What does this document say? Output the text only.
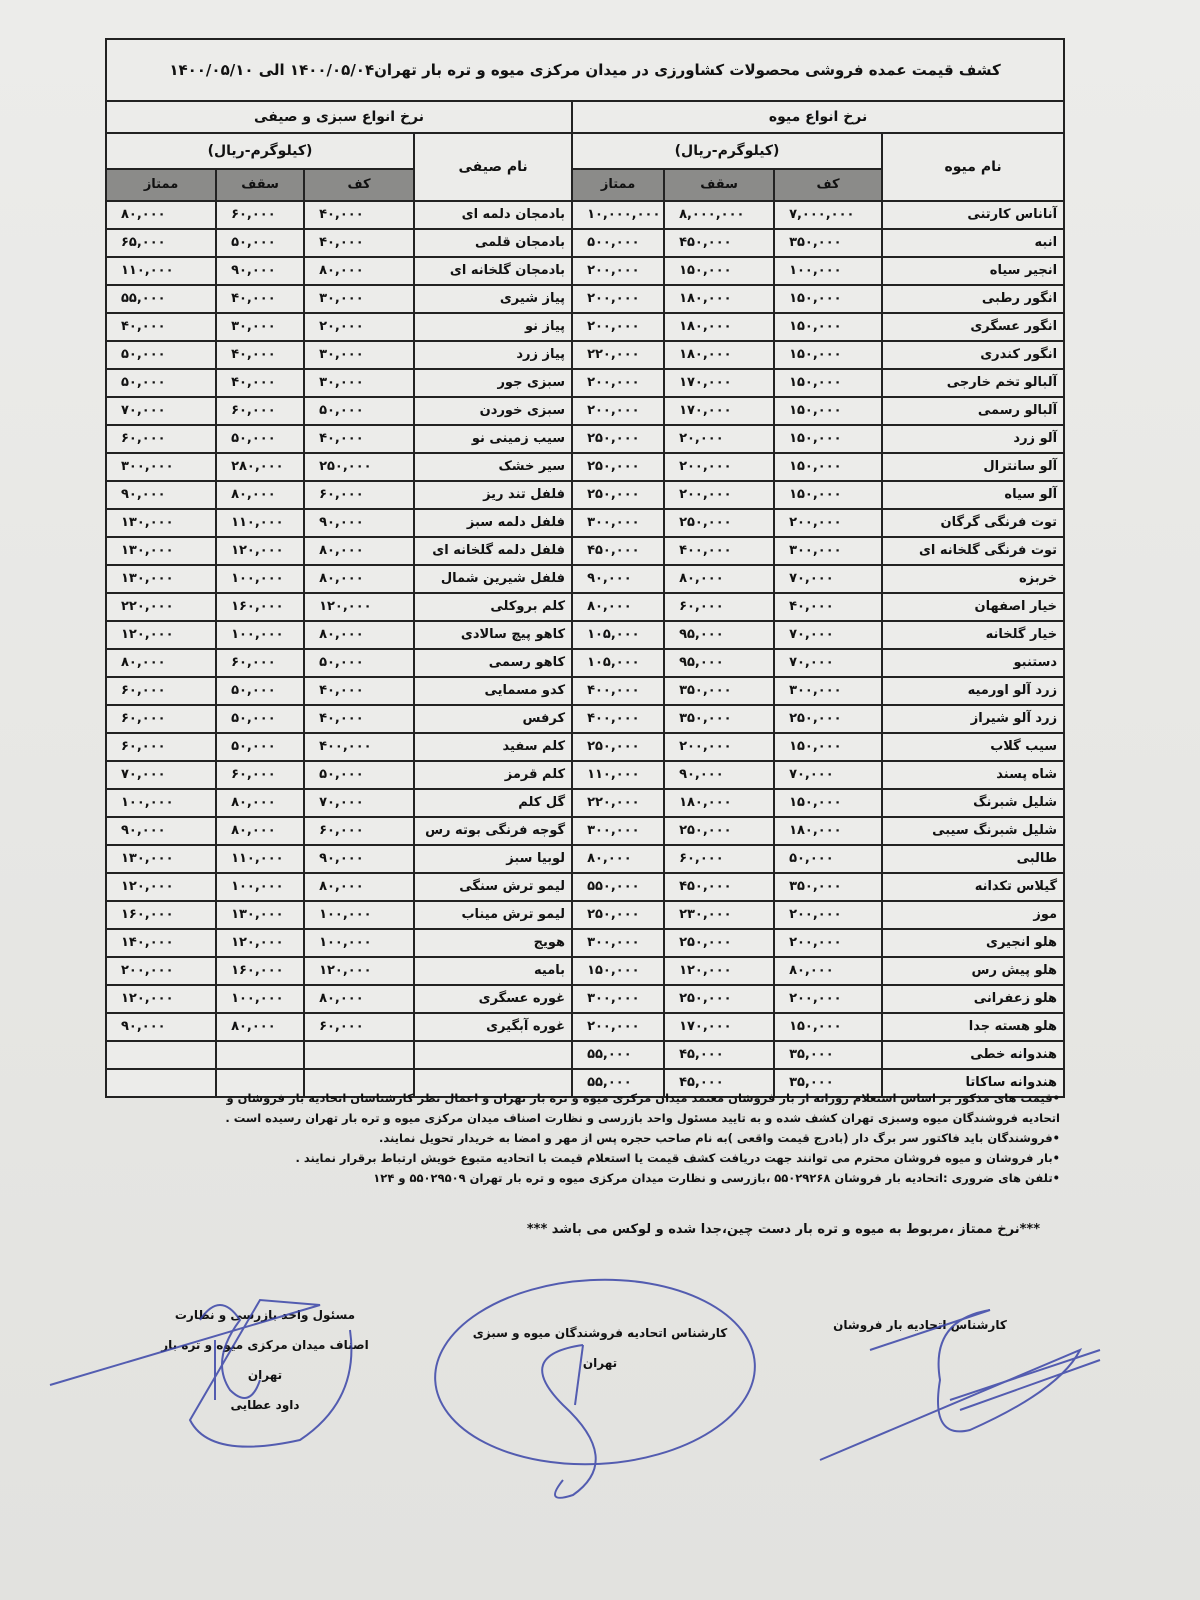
کشف قیمت عمده فروشی محصولات کشاورزی در میدان مرکزی میوه و تره بار تهران۱۴۰۰/۰۵/۰۴ الی ۱۴۰۰/۰۵/۱۰							
نرخ انواع میوه				نرخ انواع سبزی و صیفی			
نام میوه	(کیلوگرم-ریال)			نام صیفی	(کیلوگرم-ریال)		
	کف	سقف	ممتاز		کف	سقف	ممتاز
آناناس کارتنی	۷,۰۰۰,۰۰۰	۸,۰۰۰,۰۰۰	۱۰,۰۰۰,۰۰۰	بادمجان دلمه ای	۴۰,۰۰۰	۶۰,۰۰۰	۸۰,۰۰۰
انبه	۳۵۰,۰۰۰	۴۵۰,۰۰۰	۵۰۰,۰۰۰	بادمجان قلمی	۴۰,۰۰۰	۵۰,۰۰۰	۶۵,۰۰۰
انجیر سیاه	۱۰۰,۰۰۰	۱۵۰,۰۰۰	۲۰۰,۰۰۰	بادمجان گلخانه ای	۸۰,۰۰۰	۹۰,۰۰۰	۱۱۰,۰۰۰
انگور رطبی	۱۵۰,۰۰۰	۱۸۰,۰۰۰	۲۰۰,۰۰۰	پیاز شیری	۳۰,۰۰۰	۴۰,۰۰۰	۵۵,۰۰۰
انگور عسگری	۱۵۰,۰۰۰	۱۸۰,۰۰۰	۲۰۰,۰۰۰	پیاز نو	۲۰,۰۰۰	۳۰,۰۰۰	۴۰,۰۰۰
انگور کندری	۱۵۰,۰۰۰	۱۸۰,۰۰۰	۲۲۰,۰۰۰	پیاز زرد	۳۰,۰۰۰	۴۰,۰۰۰	۵۰,۰۰۰
آلبالو تخم خارجی	۱۵۰,۰۰۰	۱۷۰,۰۰۰	۲۰۰,۰۰۰	سبزی جور	۳۰,۰۰۰	۴۰,۰۰۰	۵۰,۰۰۰
آلبالو رسمی	۱۵۰,۰۰۰	۱۷۰,۰۰۰	۲۰۰,۰۰۰	سبزی خوردن	۵۰,۰۰۰	۶۰,۰۰۰	۷۰,۰۰۰
آلو زرد	۱۵۰,۰۰۰	۲۰,۰۰۰	۲۵۰,۰۰۰	سیب زمینی نو	۴۰,۰۰۰	۵۰,۰۰۰	۶۰,۰۰۰
آلو سانترال	۱۵۰,۰۰۰	۲۰۰,۰۰۰	۲۵۰,۰۰۰	سیر خشک	۲۵۰,۰۰۰	۲۸۰,۰۰۰	۳۰۰,۰۰۰
آلو سیاه	۱۵۰,۰۰۰	۲۰۰,۰۰۰	۲۵۰,۰۰۰	فلفل تند ریز	۶۰,۰۰۰	۸۰,۰۰۰	۹۰,۰۰۰
توت فرنگی گرگان	۲۰۰,۰۰۰	۲۵۰,۰۰۰	۳۰۰,۰۰۰	فلفل دلمه سبز	۹۰,۰۰۰	۱۱۰,۰۰۰	۱۳۰,۰۰۰
توت فرنگی گلخانه ای	۳۰۰,۰۰۰	۴۰۰,۰۰۰	۴۵۰,۰۰۰	فلفل دلمه گلخانه ای	۸۰,۰۰۰	۱۲۰,۰۰۰	۱۳۰,۰۰۰
خربزه	۷۰,۰۰۰	۸۰,۰۰۰	۹۰,۰۰۰	فلفل شیرین شمال	۸۰,۰۰۰	۱۰۰,۰۰۰	۱۳۰,۰۰۰
خیار اصفهان	۴۰,۰۰۰	۶۰,۰۰۰	۸۰,۰۰۰	کلم بروکلی	۱۲۰,۰۰۰	۱۶۰,۰۰۰	۲۲۰,۰۰۰
خیار گلخانه	۷۰,۰۰۰	۹۵,۰۰۰	۱۰۵,۰۰۰	کاهو پیچ سالادی	۸۰,۰۰۰	۱۰۰,۰۰۰	۱۲۰,۰۰۰
دستنبو	۷۰,۰۰۰	۹۵,۰۰۰	۱۰۵,۰۰۰	کاهو رسمی	۵۰,۰۰۰	۶۰,۰۰۰	۸۰,۰۰۰
زرد آلو اورمیه	۳۰۰,۰۰۰	۳۵۰,۰۰۰	۴۰۰,۰۰۰	کدو مسمایی	۴۰,۰۰۰	۵۰,۰۰۰	۶۰,۰۰۰
زرد آلو شیراز	۲۵۰,۰۰۰	۳۵۰,۰۰۰	۴۰۰,۰۰۰	کرفس	۴۰,۰۰۰	۵۰,۰۰۰	۶۰,۰۰۰
سیب گلاب	۱۵۰,۰۰۰	۲۰۰,۰۰۰	۲۵۰,۰۰۰	کلم سفید	۴۰۰,۰۰۰	۵۰,۰۰۰	۶۰,۰۰۰
شاه پسند	۷۰,۰۰۰	۹۰,۰۰۰	۱۱۰,۰۰۰	کلم قرمز	۵۰,۰۰۰	۶۰,۰۰۰	۷۰,۰۰۰
شلیل شبرنگ	۱۵۰,۰۰۰	۱۸۰,۰۰۰	۲۲۰,۰۰۰	گل کلم	۷۰,۰۰۰	۸۰,۰۰۰	۱۰۰,۰۰۰
شلیل شبرنگ سیبی	۱۸۰,۰۰۰	۲۵۰,۰۰۰	۳۰۰,۰۰۰	گوجه فرنگی بوته رس	۶۰,۰۰۰	۸۰,۰۰۰	۹۰,۰۰۰
طالبی	۵۰,۰۰۰	۶۰,۰۰۰	۸۰,۰۰۰	لوبیا سبز	۹۰,۰۰۰	۱۱۰,۰۰۰	۱۳۰,۰۰۰
گیلاس تکدانه	۳۵۰,۰۰۰	۴۵۰,۰۰۰	۵۵۰,۰۰۰	لیمو ترش سنگی	۸۰,۰۰۰	۱۰۰,۰۰۰	۱۲۰,۰۰۰
موز	۲۰۰,۰۰۰	۲۳۰,۰۰۰	۲۵۰,۰۰۰	لیمو ترش میناب	۱۰۰,۰۰۰	۱۳۰,۰۰۰	۱۶۰,۰۰۰
هلو انجیری	۲۰۰,۰۰۰	۲۵۰,۰۰۰	۳۰۰,۰۰۰	هویج	۱۰۰,۰۰۰	۱۲۰,۰۰۰	۱۴۰,۰۰۰
هلو پیش رس	۸۰,۰۰۰	۱۲۰,۰۰۰	۱۵۰,۰۰۰	بامیه	۱۲۰,۰۰۰	۱۶۰,۰۰۰	۲۰۰,۰۰۰
هلو زعفرانی	۲۰۰,۰۰۰	۲۵۰,۰۰۰	۳۰۰,۰۰۰	غوره عسگری	۸۰,۰۰۰	۱۰۰,۰۰۰	۱۲۰,۰۰۰
هلو هسته جدا	۱۵۰,۰۰۰	۱۷۰,۰۰۰	۲۰۰,۰۰۰	غوره آبگیری	۶۰,۰۰۰	۸۰,۰۰۰	۹۰,۰۰۰
هندوانه خطی	۳۵,۰۰۰	۴۵,۰۰۰	۵۵,۰۰۰				
هندوانه ساکاتا	۳۵,۰۰۰	۴۵,۰۰۰	۵۵,۰۰۰				

•قیمت های مذکور بر اساس استعلام روزانه از بار فروشان معتمد میدان مرکزی میوه و تره بار تهران و اعمال نظر کارشناسان اتحادیه بار فروشان و

اتحادیه فروشندگان میوه وسبزی تهران کشف شده و به تایید مسئول واحد بازرسی و نظارت اصناف میدان مرکزی میوه و تره بار تهران رسیده است .

•فروشندگان باید فاکتور سر برگ دار (بادرج قیمت واقعی )به نام صاحب حجره پس از مهر و امضا به خریدار تحویل نمایند.

•بار فروشان و میوه فروشان محترم می توانند جهت دریافت کشف قیمت یا استعلام قیمت با اتحادیه متبوع خویش ارتباط برقرار نمایند .

•تلفن های ضروری :اتحادیه بار فروشان ۵۵۰۲۹۲۶۸ ،بازرسی و نظارت میدان مرکزی میوه و تره بار تهران ۵۵۰۲۹۵۰۹ و ۱۲۴

***نرخ ممتاز ،مربوط به میوه و تره بار دست چین،جدا شده و لوکس می باشد ***
مسئول واحد بازرسی و نظارت
اصناف میدان مرکزی میوه و تره بار تهران
داود عطایی
کارشناس اتحادیه فروشندگان میوه و سبزی تهران
کارشناس اتحادیه بار فروشان
